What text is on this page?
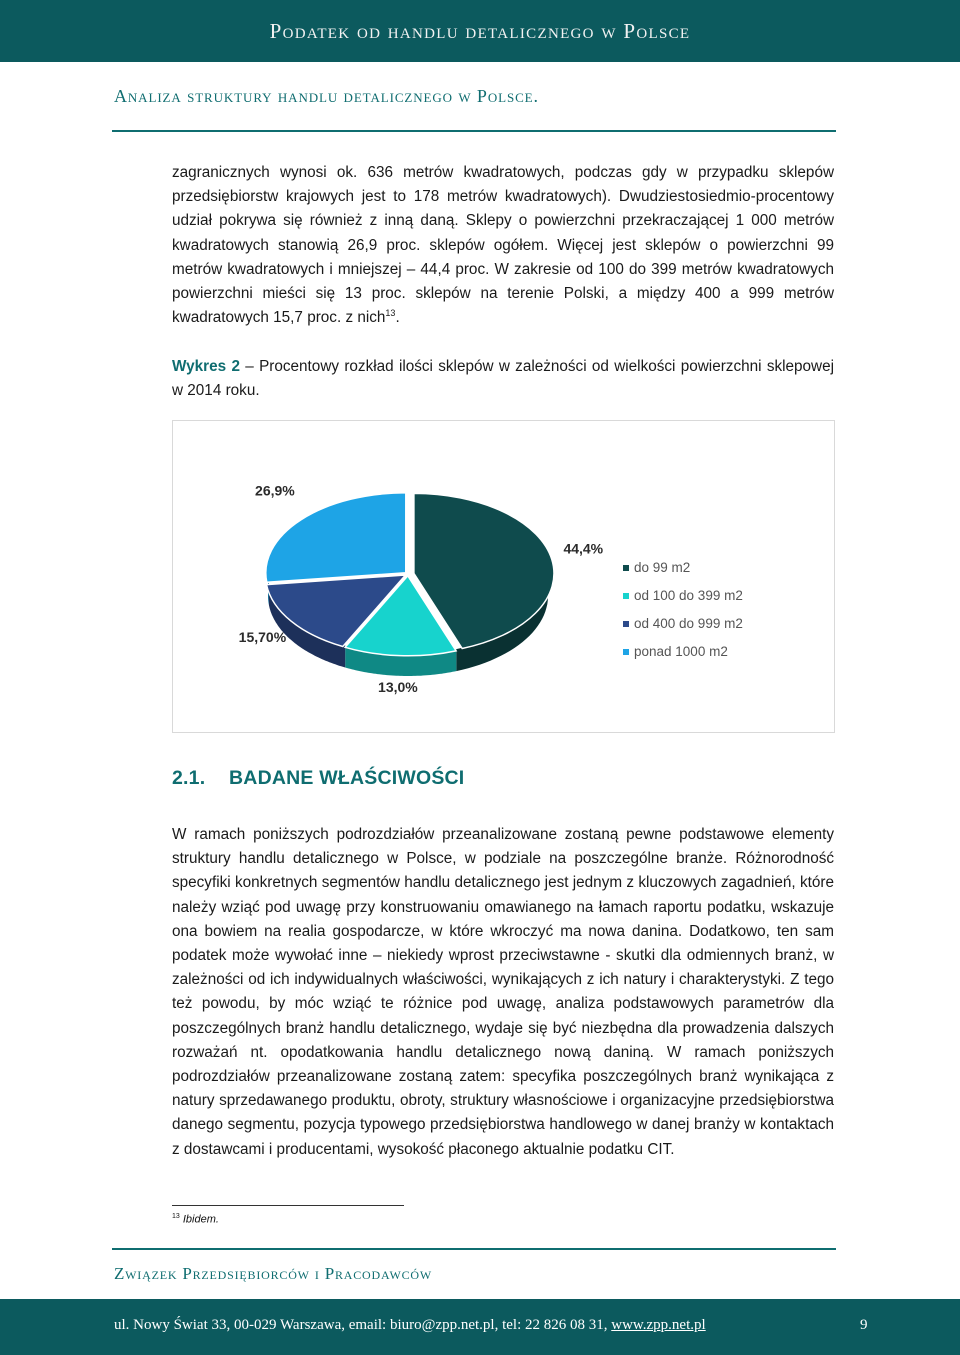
Podatek od handlu detalicznego w Polsce
Analiza struktury handlu detalicznego w Polsce.

zagranicznych wynosi ok. 636 metrów kwadratowych, podczas gdy w przypadku sklepów przedsiębiorstw krajowych jest to 178 metrów kwadratowych). Dwudziestosiedmio-procentowy udział pokrywa się również z inną daną. Sklepy o powierzchni przekraczającej 1 000 metrów kwadratowych stanowią 26,9 proc. sklepów ogółem. Więcej jest sklepów o powierzchni 99 metrów kwadratowych i mniejszej – 44,4 proc. W zakresie od 100 do 399 metrów kwadratowych powierzchni mieści się 13 proc. sklepów na terenie Polski, a między 400 a 999 metrów kwadratowych 15,7 proc. z nich$^{13}$.

Wykres 2 – Procentowy rozkład ilości sklepów w zależności od wielkości powierzchni sklepowej w 2014 roku.

44,4%
13,0%
15,70%
26,9%
do 99 m2
od 100 do 399 m2
od 400 do 999 m2
ponad 1000 m2
2.1. BADANE WŁAŚCIWOŚCI

W ramach poniższych podrozdziałów przeanalizowane zostaną pewne podstawowe elementy struktury handlu detalicznego w Polsce, w podziale na poszczególne branże. Różnorodność specyfiki konkretnych segmentów handlu detalicznego jest jednym z kluczowych zagadnień, które należy wziąć pod uwagę przy konstruowaniu omawianego na łamach raportu podatku, wskazuje ona bowiem na realia gospodarcze, w które wkroczyć ma nowa danina. Dodatkowo, ten sam podatek może wywołać inne – niekiedy wprost przeciwstawne - skutki dla odmiennych branż, w zależności od ich indywidualnych właściwości, wynikających z ich natury i charakterystyki. Z tego też powodu, by móc wziąć te różnice pod uwagę, analiza podstawowych parametrów dla poszczególnych branż handlu detalicznego, wydaje się być niezbędna dla prowadzenia dalszych rozważań nt. opodatkowania handlu detalicznego nową daniną. W ramach poniższych podrozdziałów przeanalizowane zostaną zatem: specyfika poszczególnych branż wynikająca z natury sprzedawanego produktu, obroty, struktury własnościowe i organizacyjne przedsiębiorstwa danego segmentu, pozycja typowego przedsiębiorstwa handlowego w danej branży w kontaktach z dostawcami i producentami, wysokość płaconego aktualnie podatku CIT.

$^{13}$ Ibidem.

Związek Przedsiębiorców i Pracodawców
ul. Nowy Świat 33, 00-029 Warszawa, email: biuro@zpp.net.pl, tel: 22 826 08 31, www.zpp.net.pl	9
